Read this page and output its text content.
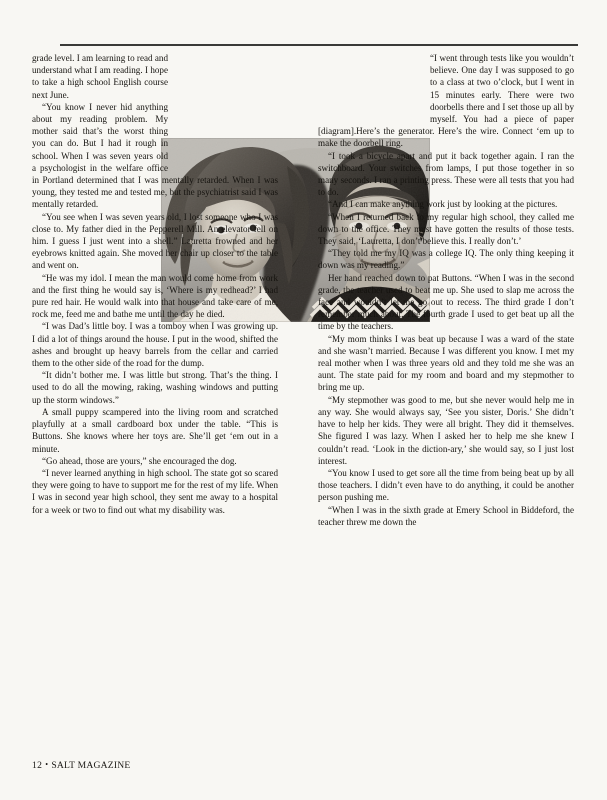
grade level. I am learning to read and understand what I am reading. I hope to take a high school English course next June.

“You know I never hid anything about my reading problem. My mother said that’s the worst thing you can do. But I had it rough in school. When I was seven years old a psychologist in the welfare office in Portland determined that I was mentally retarded. When I was young, they tested me and tested me, but the psychiatrist said I was mentally retarded.

“You see when I was seven years old, I lost someone who I was close to. My father died in the Pepperell Mill. An elevator fell on him. I guess I just went into a shell.” Lauretta frowned and her eyebrows knitted again. She moved her chair up closer to the table and went on.

“He was my idol. I mean the man would come home from work and the first thing he would say is, ‘Where is my redhead?’ I had pure red hair. He would walk into that house and take care of me, rock me, feed me and bathe me until the day he died.

“I was Dad’s little boy. I was a tomboy when I was growing up. I did a lot of things around the house. I put in the wood, shifted the ashes and brought up heavy barrels from the cellar and carried them to the other side of the road for the dump.

“It didn’t bother me. I was little but strong. That’s the thing. I used to do all the mowing, raking, washing windows and putting up the storm windows.”

A small puppy scampered into the living room and scratched playfully at a small cardboard box under the table. “This is Buttons. She knows where her toys are. She’ll get ‘em out in a minute.

“Go ahead, those are yours,” she encouraged the dog.

“I never learned anything in high school. The state got so scared they were going to have to support me for the rest of my life. When I was in second year high school, they sent me away to a hospital for a week or two to find out what my disability was.

“I went through tests like you wouldn’t believe. One day I was supposed to go to a class at two o’clock, but I went in 15 minutes early. There were two doorbells there and I set those up all by myself. You had a piece of paper [diagram].Here’s the generator. Here’s the wire. Connect ‘em up to make the doorbell ring.

“I took a bicycle apart and put it back together again. I ran the switchboard. Your switches from lamps, I put those together in so many seconds. I ran a printing press. These were all tests that you had to do.

“And I can make anything work just by looking at the pictures.

“When I returned back to my regular high school, they called me down to the office. They must have gotten the results of those tests. They said, ‘Lauretta, I don’t believe this. I really don’t.’

“They told me my IQ was a college IQ. The only thing keeping it down was my reading.”

Her hand reached down to pat Buttons. “When I was in the second grade, the teacher used to beat me up. She used to slap me across the face and wouldn’t let me go out to recess. The third grade I don’t remember much about. The fourth grade I used to get beat up all the time by the teachers.

“My mom thinks I was beat up because I was a ward of the state and she wasn’t married. Because I was different you know. I met my real mother when I was three years old and they told me she was an aunt. The state paid for my room and board and my stepmother to bring me up.

“My stepmother was good to me, but she never would help me in any way. She would always say, ‘See you sister, Doris.’ She didn’t have to help her kids. They were all bright. They did it themselves. She figured I was lazy. When I asked her to help me she knew I couldn’t read. ‘Look in the diction-ary,’ she would say, so I just lost interest.

“You know I used to get sore all the time from being beat up by all those teachers. I didn’t even have to do anything, it could be another person pushing me.

“When I was in the sixth grade at Emery School in Biddeford, the teacher threw me down the

12 • SALT MAGAZINE
